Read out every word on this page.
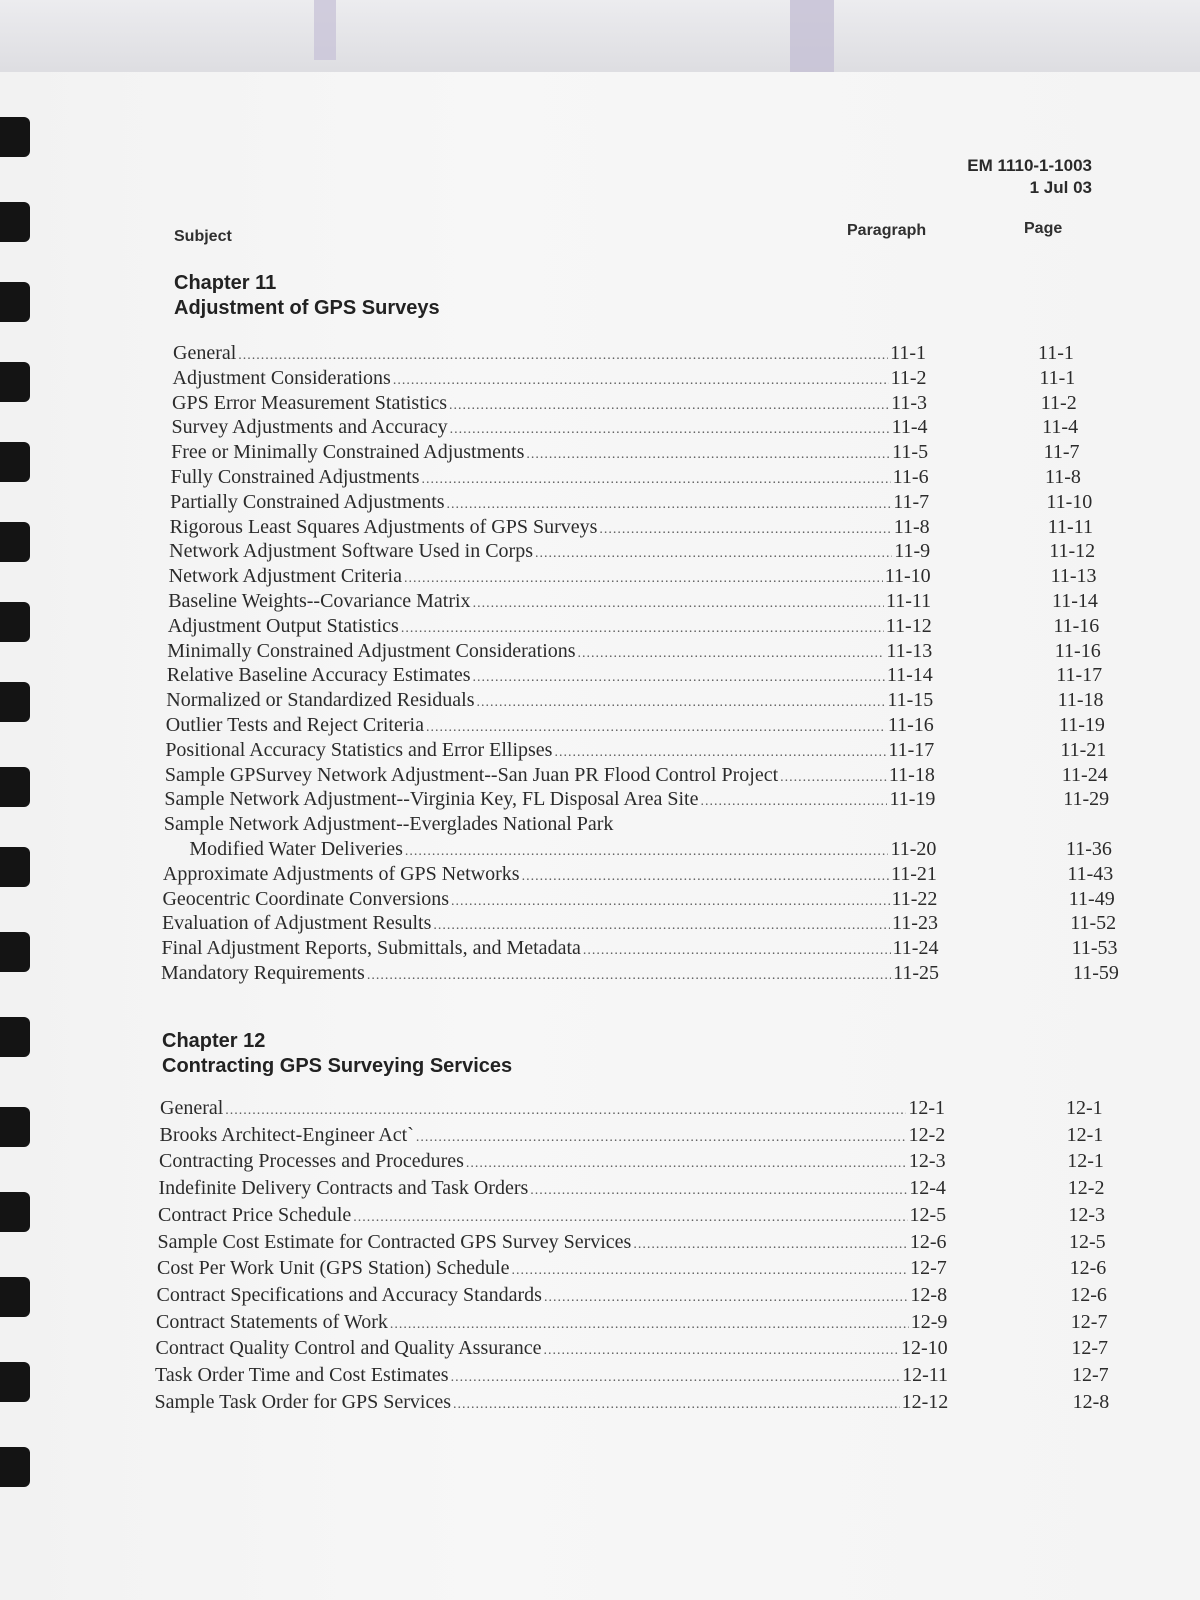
EM 1110-1-1003
1 Jul 03
Subject	Paragraph	Page
Chapter 11
Adjustment of GPS Surveys
Chapter 12
Contracting GPS Surveying Services
General .....	11-1	11-1
Adjustment Considerations .....	11-2	11-1
GPS Error Measurement Statistics .....	11-3	11-2
Survey Adjustments and Accuracy .....	11-4	11-4
Free or Minimally Constrained Adjustments .....	11-5	11-7
Fully Constrained Adjustments .....	11-6	11-8
Partially Constrained Adjustments .....	11-7	11-10
Rigorous Least Squares Adjustments of GPS Surveys .....	11-8	11-11
Network Adjustment Software Used in Corps .....	11-9	11-12
Network Adjustment Criteria .....	11-10	11-13
Baseline Weights--Covariance Matrix .....	11-11	11-14
Adjustment Output Statistics .....	11-12	11-16
Minimally Constrained Adjustment Considerations .....	11-13	11-16
Relative Baseline Accuracy Estimates .....	11-14	11-17
Normalized or Standardized Residuals .....	11-15	11-18
Outlier Tests and Reject Criteria .....	11-16	11-19
Positional Accuracy Statistics and Error Ellipses .....	11-17	11-21
Sample GPSurvey Network Adjustment--San Juan PR Flood Control Project .....	11-18	11-24
Sample Network Adjustment--Virginia Key, FL Disposal Area Site .....	11-19	11-29
Sample Network Adjustment--Everglades National Park
Modified Water Deliveries .....	11-20	11-36
Approximate Adjustments of GPS Networks .....	11-21	11-43
Geocentric Coordinate Conversions .....	11-22	11-49
Evaluation of Adjustment Results .....	11-23	11-52
Final Adjustment Reports, Submittals, and Metadata .....	11-24	11-53
Mandatory Requirements .....	11-25	11-59
General .....	12-1	12-1
Brooks Architect-Engineer Act` .....	12-2	12-1
Contracting Processes and Procedures .....	12-3	12-1
Indefinite Delivery Contracts and Task Orders .....	12-4	12-2
Contract Price Schedule .....	12-5	12-3
Sample Cost Estimate for Contracted GPS Survey Services .....	12-6	12-5
Cost Per Work Unit (GPS Station) Schedule .....	12-7	12-6
Contract Specifications and Accuracy Standards .....	12-8	12-6
Contract Statements of Work .....	12-9	12-7
Contract Quality Control and Quality Assurance .....	12-10	12-7
Task Order Time and Cost Estimates .....	12-11	12-7
Sample Task Order for GPS Services .....	12-12	12-8
